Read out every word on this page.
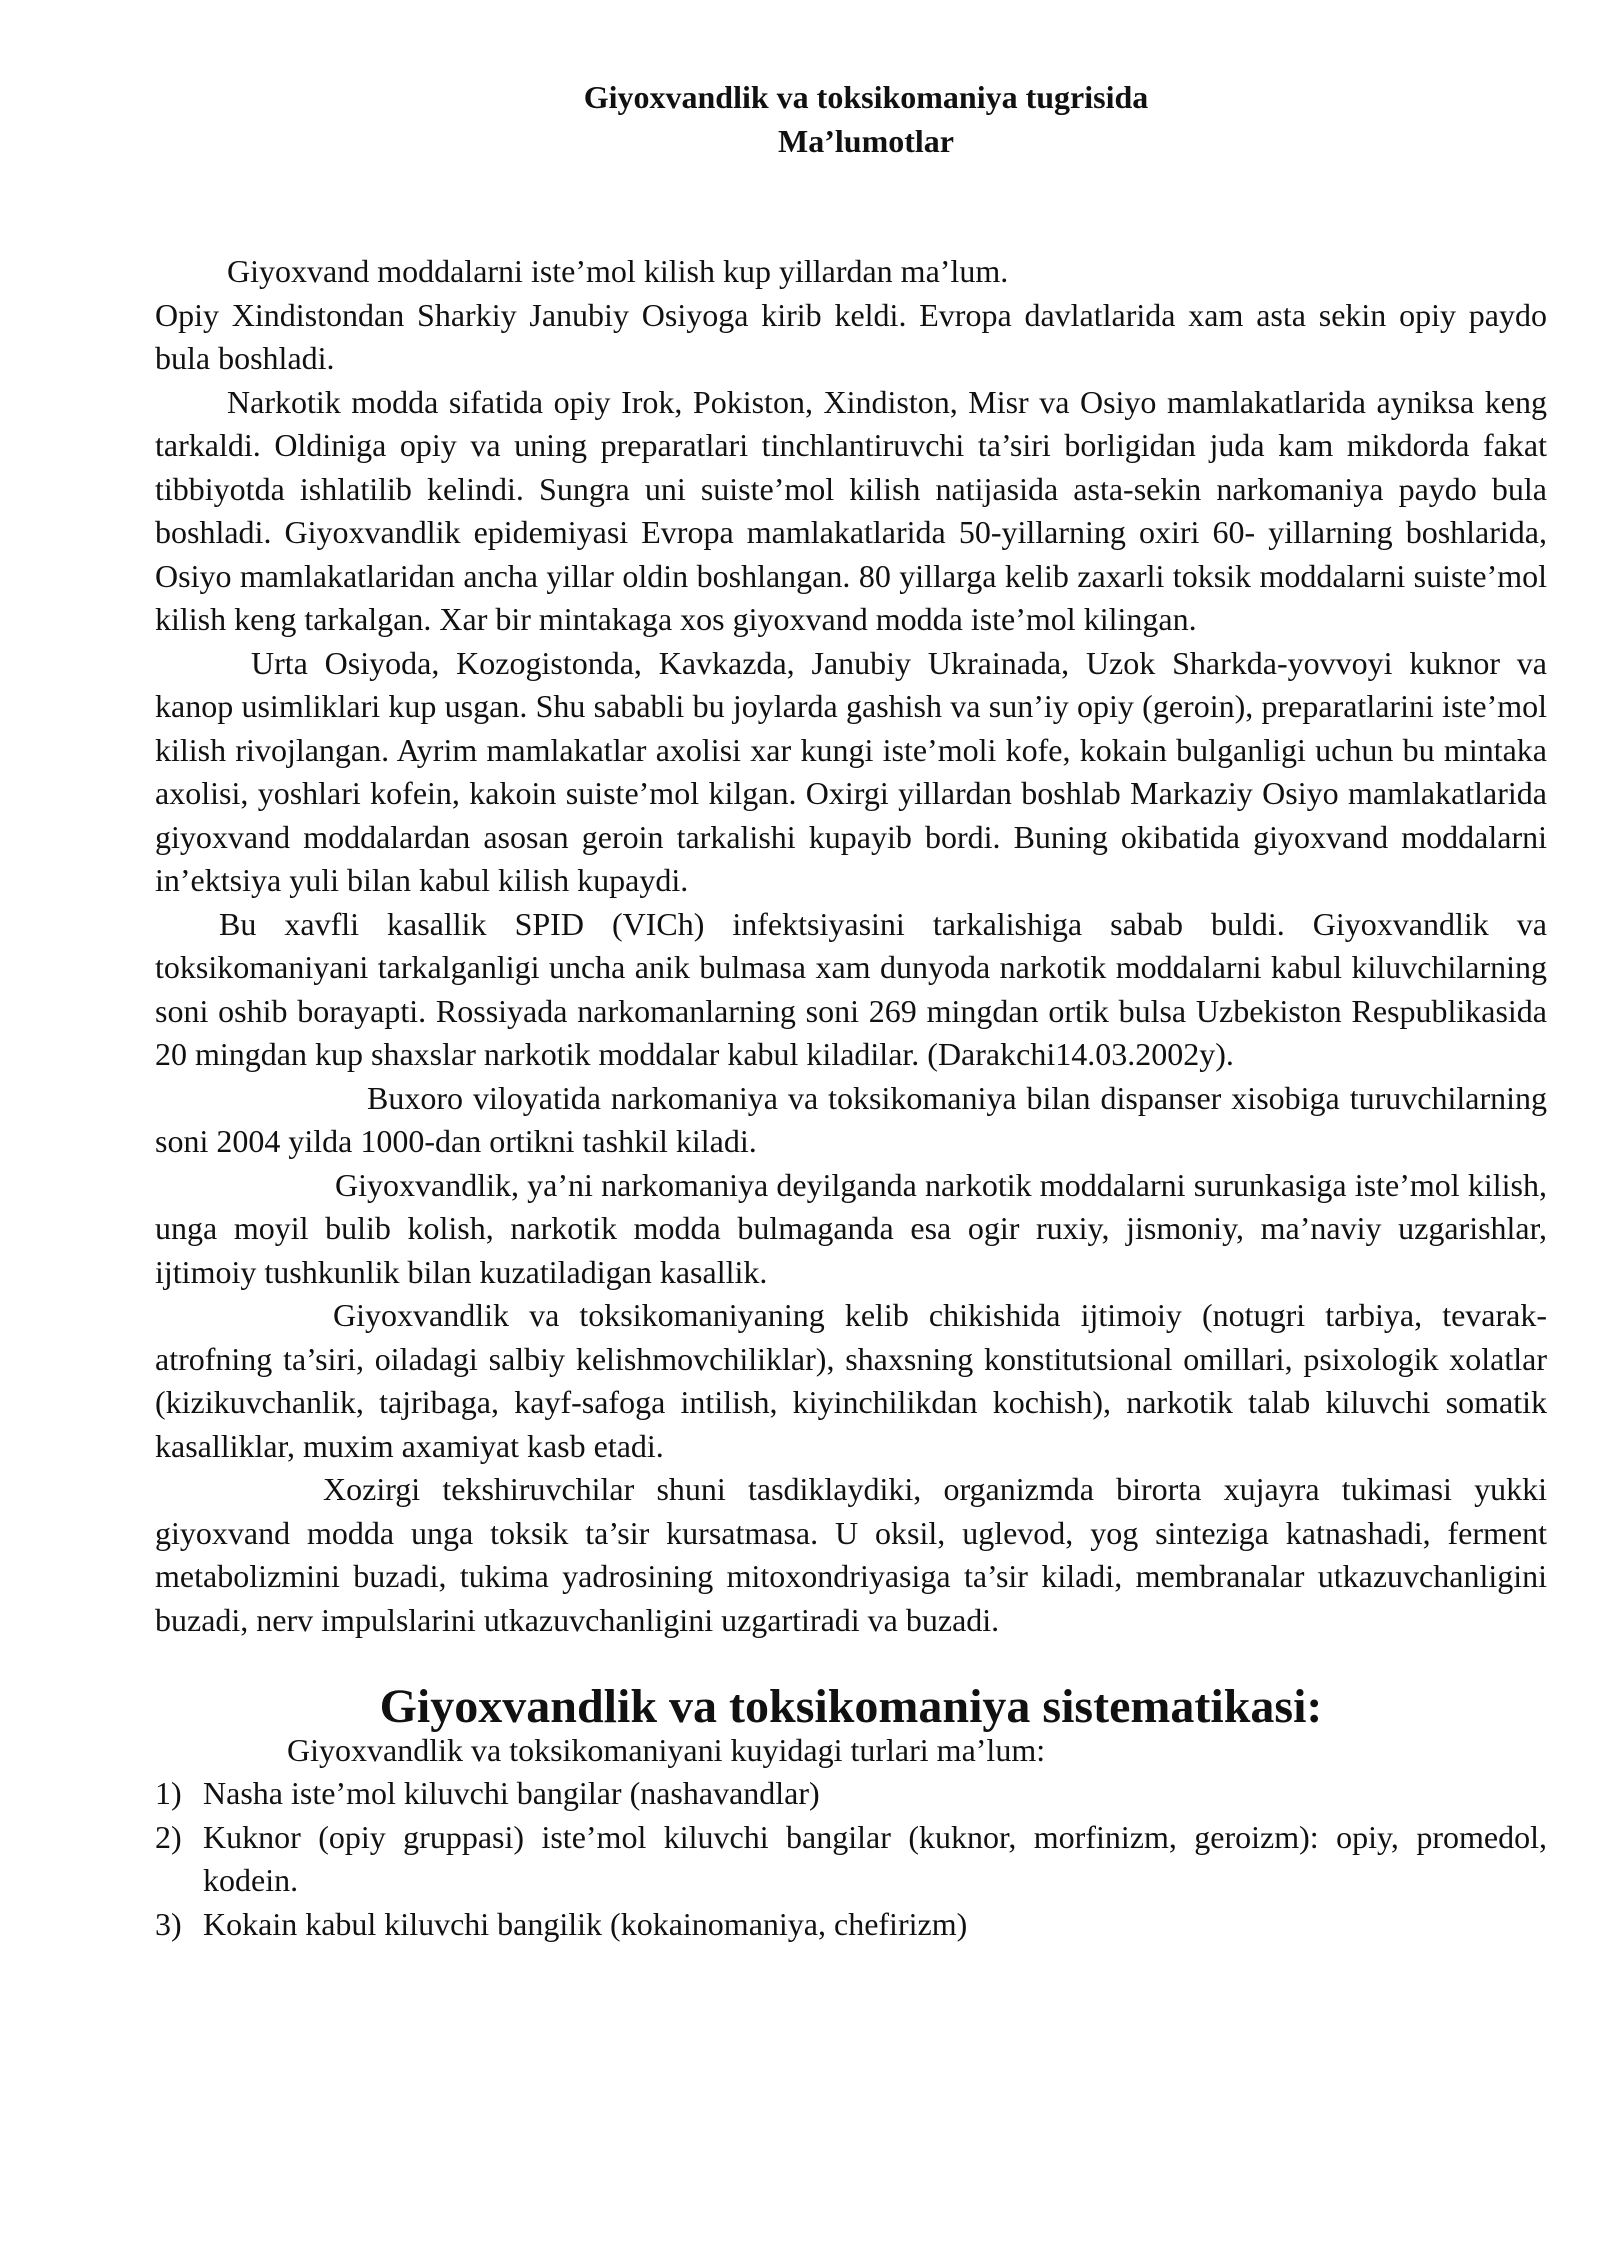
Giyoxvandlik va toksikomaniya tugrisida
Ma’lumotlar

Giyoxvand moddalarni iste’mol kilish kup yillardan ma’lum.

Opiy Xindistondan Sharkiy Janubiy Osiyoga kirib keldi. Evropa davlatlarida xam asta sekin opiy paydo bula boshladi.

Narkotik modda sifatida opiy Irok, Pokiston, Xindiston, Misr va Osiyo mamlakatlarida ayniksa keng tarkaldi. Oldiniga opiy va uning preparatlari tinchlantiruvchi ta’siri borligidan juda kam mikdorda fakat tibbiyotda ishlatilib kelindi. Sungra uni suiste’mol kilish natijasida asta-sekin narkomaniya paydo bula boshladi. Giyoxvandlik epidemiyasi Evropa mamlakatlarida 50-yillarning oxiri 60- yillarning boshlarida, Osiyo mamlakatlaridan ancha yillar oldin boshlangan. 80 yillarga kelib zaxarli toksik moddalarni suiste’mol kilish keng tarkalgan. Xar bir mintakaga xos giyoxvand modda iste’mol kilingan.

Urta Osiyoda, Kozogistonda, Kavkazda, Janubiy Ukrainada, Uzok Sharkda-yovvoyi kuknor va kanop usimliklari kup usgan. Shu sababli bu joylarda gashish va sun’iy opiy (geroin), preparatlarini iste’mol kilish rivojlangan. Ayrim mamlakatlar axolisi xar kungi iste’moli kofe, kokain bulganligi uchun bu mintaka axolisi, yoshlari kofein, kakoin suiste’mol kilgan. Oxirgi yillardan boshlab Markaziy Osiyo mamlakatlarida giyoxvand moddalardan asosan geroin tarkalishi kupayib bordi. Buning okibatida giyoxvand moddalarni in’ektsiya yuli bilan kabul kilish kupaydi.

Bu xavfli kasallik SPID (VICh) infektsiyasini tarkalishiga sabab buldi. Giyoxvandlik va toksikomaniyani tarkalganligi uncha anik bulmasa xam dunyoda narkotik moddalarni kabul kiluvchilarning soni oshib borayapti. Rossiyada narkomanlarning soni 269 mingdan ortik bulsa Uzbekiston Respublikasida 20 mingdan kup shaxslar narkotik moddalar kabul kiladilar. (Darakchi14.03.2002y).

Buxoro viloyatida narkomaniya va toksikomaniya bilan dispanser xisobiga turuvchilarning soni 2004 yilda 1000-dan ortikni tashkil kiladi.

Giyoxvandlik, ya’ni narkomaniya deyilganda narkotik moddalarni surunkasiga iste’mol kilish, unga moyil bulib kolish, narkotik modda bulmaganda esa ogir ruxiy, jismoniy, ma’naviy uzgarishlar, ijtimoiy tushkunlik bilan kuzatiladigan kasallik.

Giyoxvandlik va toksikomaniyaning kelib chikishida ijtimoiy (notugri tarbiya, tevarak-atrofning ta’siri, oiladagi salbiy kelishmovchiliklar), shaxsning konstitutsional omillari, psixologik xolatlar (kizikuvchanlik, tajribaga, kayf-safoga intilish, kiyinchilikdan kochish), narkotik talab kiluvchi somatik kasalliklar, muxim axamiyat kasb etadi.

Xozirgi tekshiruvchilar shuni tasdiklaydiki, organizmda birorta xujayra tukimasi yukki giyoxvand modda unga toksik ta’sir kursatmasa. U oksil, uglevod, yog sinteziga katnashadi, ferment metabolizmini buzadi, tukima yadrosining mitoxondriyasiga ta’sir kiladi, membranalar utkazuvchanligini buzadi, nerv impulslarini utkazuvchanligini uzgartiradi va buzadi.

Giyoxvandlik va toksikomaniya sistematikasi:

Giyoxvandlik va toksikomaniyani kuyidagi turlari ma’lum:

1) Nasha iste’mol kiluvchi bangilar (nashavandlar)
2) Kuknor (opiy gruppasi) iste’mol kiluvchi bangilar (kuknor, morfinizm, geroizm): opiy, promedol, kodein.
3) Kokain kabul kiluvchi bangilik (kokainomaniya, chefirizm)
